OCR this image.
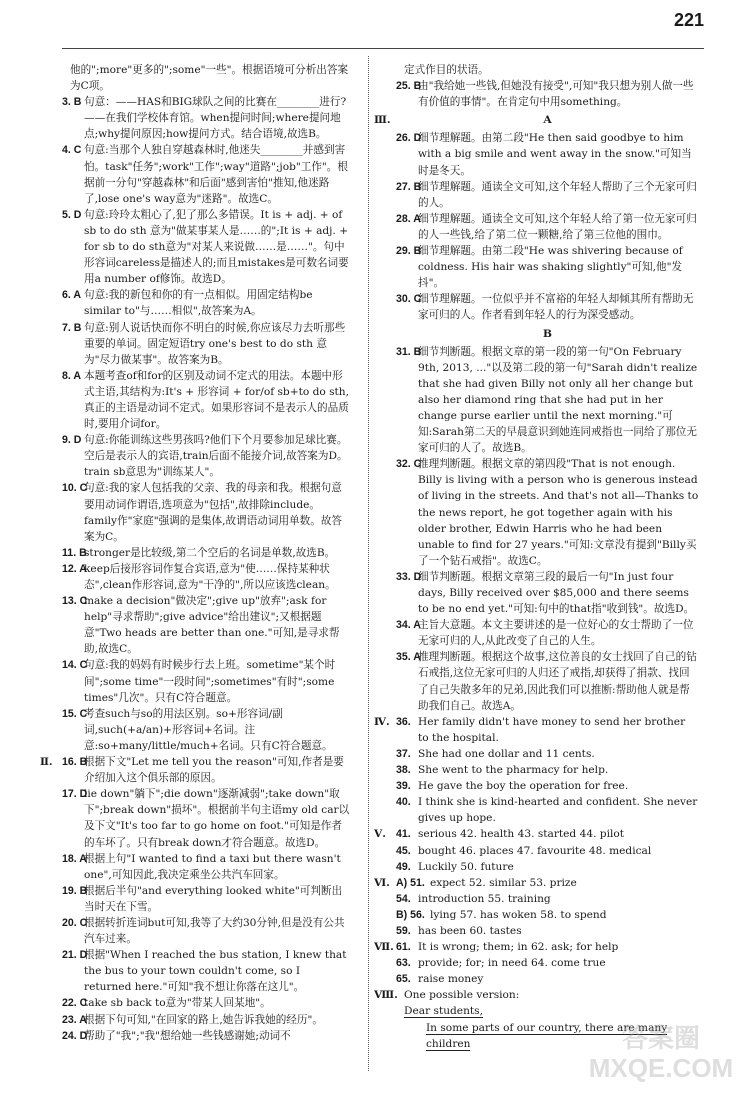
221
他的";more"更多的";some"一些"。根据语境可分析出答案为C项。
3. B 句意：——HAS和BIG球队之间的比赛在________进行?——在我们学校体育馆。when提问时间;where提问地点;why提问原因;how提问方式。结合语境,故选B。
4. C 句意:当那个人独自穿越森林时,他迷失________并感到害怕。task"任务";work"工作";way"道路";job"工作"。根据前一分句"穿越森林"和后面"感到害怕"推知,他迷路了,lose one's way意为"迷路"。故选C。
5. D 句意:玲玲太粗心了,犯了那么多错误。It is + adj. + of sb to do sth 意为"做某事某人是……的";It is + adj. + for sb to do sth意为"对某人来说做……是……"。句中形容词careless是描述人的;而且mistakes是可数名词要用a number of修饰。故选D。
6. A 句意:我的新包和你的有一点相似。用固定结构be similar to"与……相似",故答案为A。
7. B 句意:别人说话快而你不明白的时候,你应该尽力去听那些重要的单词。固定短语try one's best to do sth 意为"尽力做某事"。故答案为B。
8. A 本题考查of和for的区别及动词不定式的用法。本题中形式主语,其结构为:It's + 形容词 + for/of sb+to do sth,真正的主语是动词不定式。如果形容词不是表示人的品质时,要用介词for。
9. D 句意:你能训练这些男孩吗?他们下个月要参加足球比赛。空后是表示人的宾语,train后面不能接介词,故答案为D。train sb意思为"训练某人"。
10. C
句意:我的家人包括我的父亲、我的母亲和我。根据句意要用动词作谓语,选项意为"包括",故排除include。family作"家庭"强调的是集体,故谓语动词用单数。故答案为C。
11. B
stronger是比较级,第二个空后的名词是单数,故选B。
12. A
keep后接形容词作复合宾语,意为"使……保持某种状态",clean作形容词,意为"干净的",所以应该选clean。
13. C
make a decision"做决定";give up"放弃";ask for help"寻求帮助";give advice"给出建议";又根据题意"Two heads are better than one."可知,是寻求帮助,故选C。
14. C
句意:我的妈妈有时候步行去上班。sometime"某个时间";some time"一段时间";sometimes"有时";some times"几次"。只有C符合题意。
15. C
考查such与so的用法区别。so+形容词/副词,such(+a/an)+形容词+名词。注意:so+many/little/much+名词。只有C符合题意。
Ⅱ. 16. B
根据下文"Let me tell you the reason"可知,作者是要介绍加入这个俱乐部的原因。
17. D
lie down"躺下";die down"逐渐减弱";take down"取下";break down"损坏"。根据前半句主语my old car以及下文"It's too far to go home on foot."可知是作者的车坏了。只有break down才符合题意。故选D。
18. A
根据上句"I wanted to find a taxi but there wasn't one",可知因此,我决定乘坐公共汽车回家。
19. B
根据后半句"and everything looked white"可判断出当时天在下雪。
20. C
根据转折连词but可知,我等了大约30分钟,但是没有公共汽车过来。
21. D
根据"When I reached the bus station, I knew that the bus to your town couldn't come, so I returned here."可知"我不想让你落在这儿"。
22. C
take sb back to意为"带某人回某地"。
23. A
根据下句可知,"在回家的路上,她告诉我她的经历"。
24. D
帮助了"我";"我"想给她一些钱感谢她;动词不
定式作目的状语。
25. B
由"我给她一些钱,但她没有接受",可知"我只想为别人做一些有价值的事情"。在肯定句中用something。
Ⅲ.	A
26. D
细节理解题。由第二段"He then said goodbye to him with a big smile and went away in the snow."可知当时是冬天。
27. B
细节理解题。通读全文可知,这个年轻人帮助了三个无家可归的人。
28. A
细节理解题。通读全文可知,这个年轻人给了第一位无家可归的人一些钱,给了第二位一颗糖,给了第三位他的围巾。
29. B
细节理解题。由第二段"He was shivering because of coldness. His hair was shaking slightly"可知,他"发抖"。
30. C
细节理解题。一位似乎并不富裕的年轻人却倾其所有帮助无家可归的人。作者看到年轻人的行为深受感动。
B
31. B
细节判断题。根据文章的第一段的第一句"On February 9th, 2013, ..."以及第二段的第一句"Sarah didn't realize that she had given Billy not only all her change but also her diamond ring that she had put in her change purse earlier until the next morning."可知:Sarah第二天的早晨意识到她连同戒指也一同给了那位无家可归的人了。故选B。
32. C
推理判断题。根据文章的第四段"That is not enough. Billy is living with a person who is generous instead of living in the streets. And that's not all—Thanks to the news report, he got together again with his older brother, Edwin Harris who he had been unable to find for 27 years."可知:文章没有提到"Billy买了一个钻石戒指"。故选C。
33. D
细节判断题。根据文章第三段的最后一句"In just four days, Billy received over $85,000 and there seems to be no end yet."可知:句中的that指"收到钱"。故选D。
34. A
主旨大意题。本文主要讲述的是一位好心的女士帮助了一位无家可归的人,从此改变了自己的人生。
35. A
推理判断题。根据这个故事,这位善良的女士找回了自己的钻石戒指,这位无家可归的人归还了戒指,却获得了捐款、找回了自己失散多年的兄弟,因此我们可以推断:帮助他人就是帮助我们自己。故选A。
Ⅳ. 36. Her family didn't have money to send her brother to the hospital.
37. She had one dollar and 11 cents.
38. She went to the pharmacy for help.
39. He gave the boy the operation for free.
40. I think she is kind-hearted and confident. She never gives up hope.
Ⅴ. 41. serious 42. health 43. started 44. pilot
45. bought 46. places 47. favourite 48. medical
49. Luckily 50. future
Ⅵ. A) 51. expect 52. similar 53. prize
54. introduction 55. training
B) 56. lying 57. has woken 58. to spend
59. has been 60. tastes
Ⅶ. 61. It is wrong; them; in 62. ask; for help
63. provide; for; in need 64. come true
65. raise money
Ⅷ. One possible version:
Dear students,
In some parts of our country, there are many children	答案圈
MXQE.COM
